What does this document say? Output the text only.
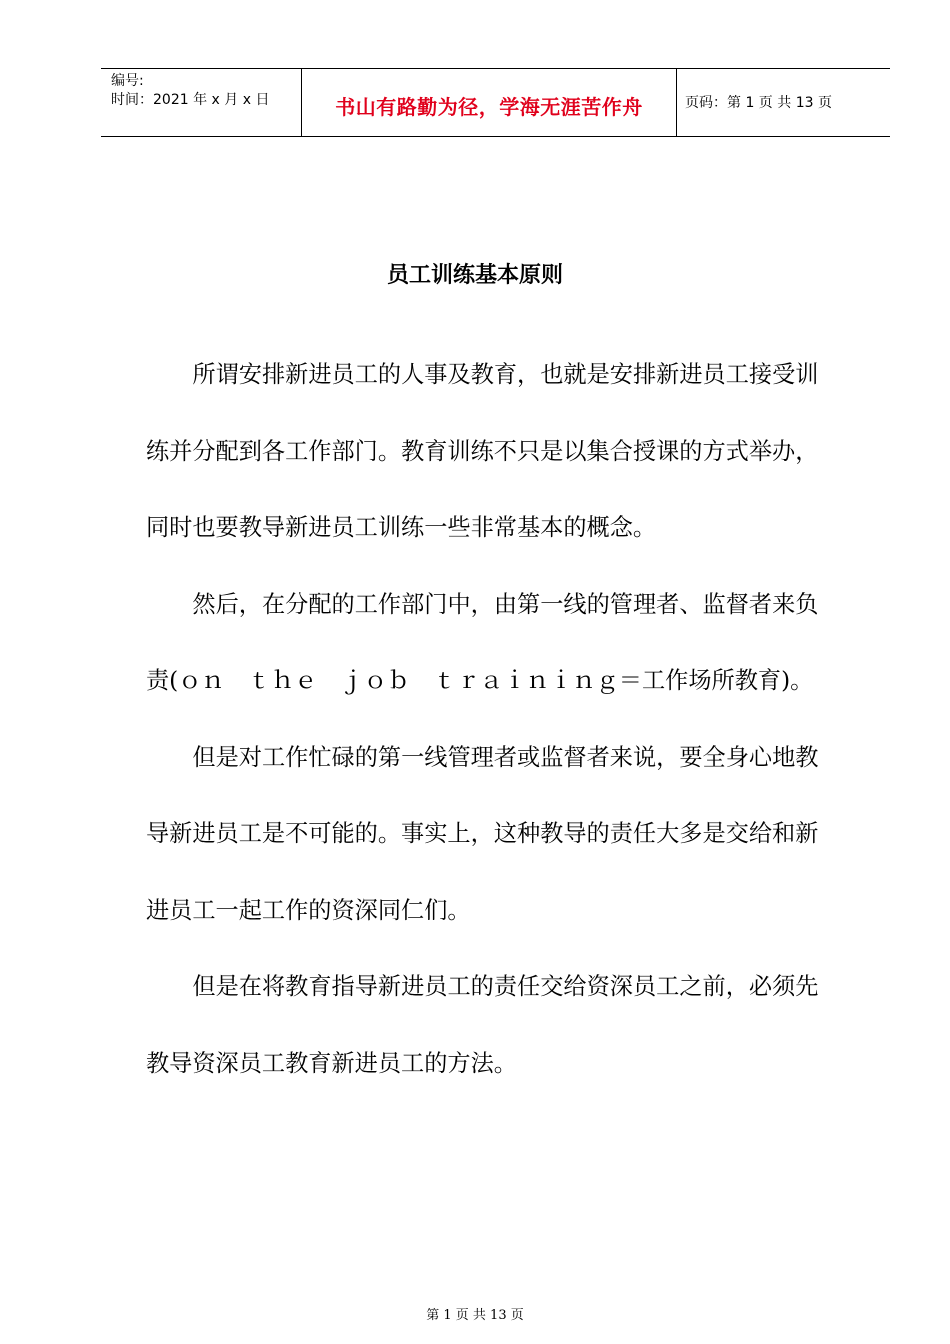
编号:
时间：2021 年 x 月 x 日	书山有路勤为径，学海无涯苦作舟	页码：第 1 页 共 13 页
员工训练基本原则

所谓安排新进员工的人事及教育，也就是安排新进员工接受训练并分配到各工作部门。教育训练不只是以集合授课的方式举办，同时也要教导新进员工训练一些非常基本的概念。

然后，在分配的工作部门中，由第一线的管理者、监督者来负责(ｏｎ　ｔｈｅ　ｊｏｂ　ｔｒａｉｎｉｎｇ＝工作场所教育)。

但是对工作忙碌的第一线管理者或监督者来说，要全身心地教导新进员工是不可能的。事实上，这种教导的责任大多是交给和新进员工一起工作的资深同仁们。

但是在将教育指导新进员工的责任交给资深员工之前，必须先教导资深员工教育新进员工的方法。

第 1 页 共 13 页
